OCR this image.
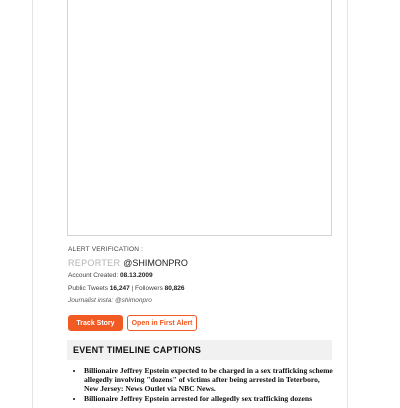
ALERT VERIFICATION :
REPORTER @SHIMONPRO
Account Created: 08.13.2009
Public Tweets 16,247 | Followers 80,826
Journalist insta: @shimonpro
Track Story	Open in First Alert
EVENT TIMELINE CAPTIONS
• Billionaire Jeffrey Epstein expected to be charged in a sex trafficking scheme allegedly involving "dozens" of victims after being arrested in Teterboro, New Jersey: News Outlet via NBC News.
• Billionaire Jeffrey Epstein arrested for allegedly sex trafficking dozens
